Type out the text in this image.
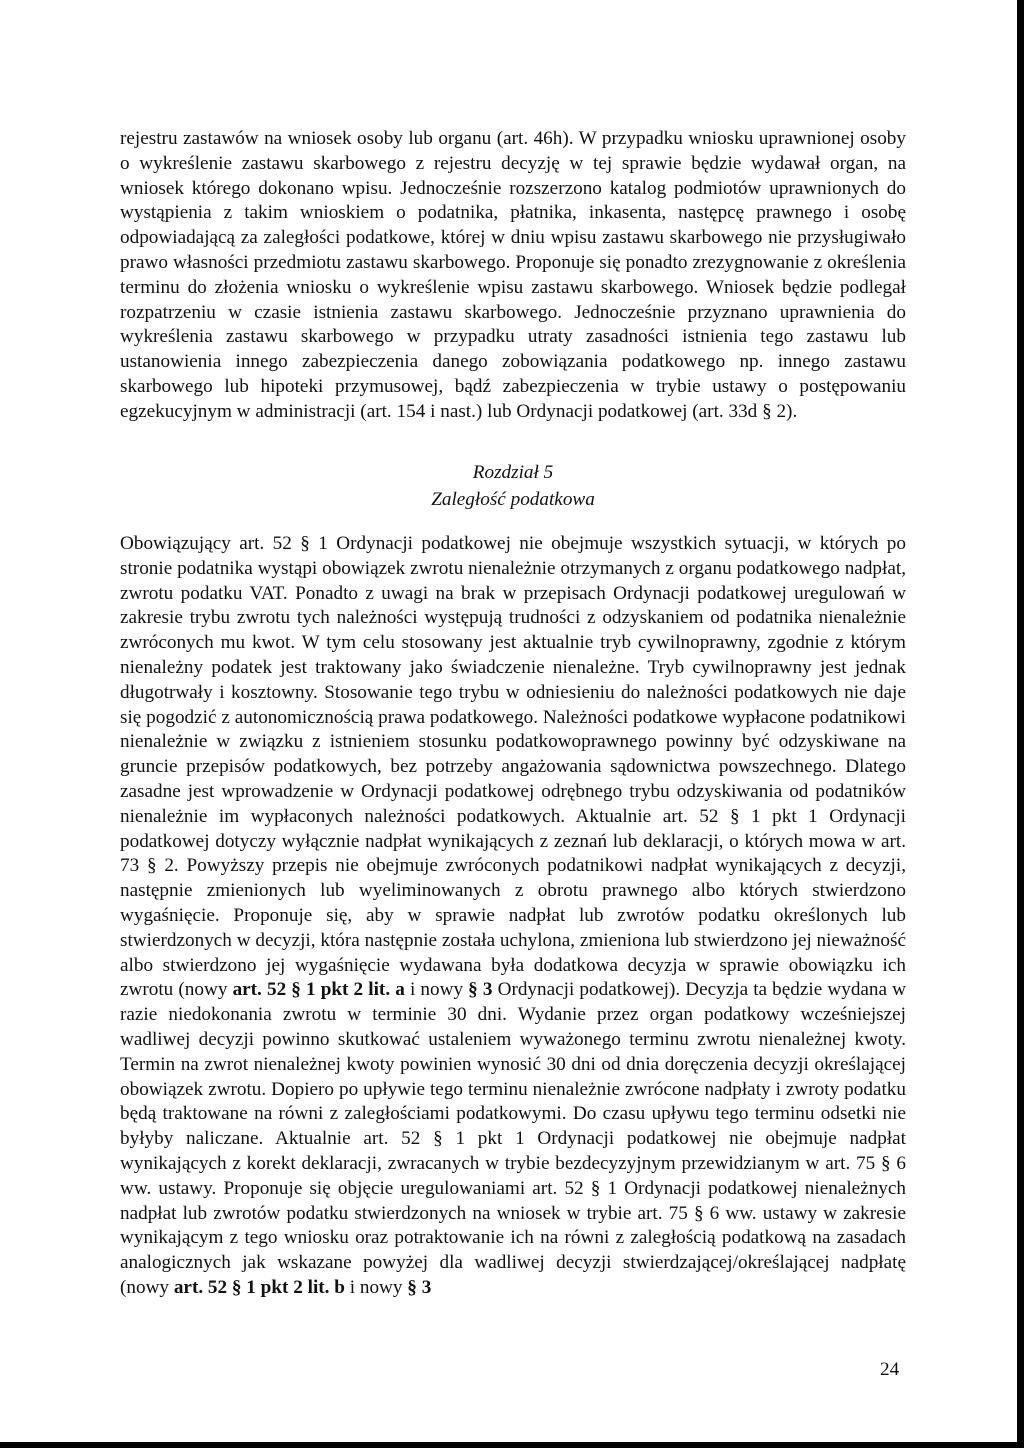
rejestru zastawów na wniosek osoby lub organu (art. 46h). W przypadku wniosku uprawnionej osoby o wykreślenie zastawu skarbowego z rejestru decyzję w tej sprawie będzie wydawał organ, na wniosek którego dokonano wpisu. Jednocześnie rozszerzono katalog podmiotów uprawnionych do wystąpienia z takim wnioskiem o podatnika, płatnika, inkasenta, następcę prawnego i osobę odpowiadającą za zaległości podatkowe, której w dniu wpisu zastawu skarbowego nie przysługiwało prawo własności przedmiotu zastawu skarbowego. Proponuje się ponadto zrezygnowanie z określenia terminu do złożenia wniosku o wykreślenie wpisu zastawu skarbowego. Wniosek będzie podlegał rozpatrzeniu w czasie istnienia zastawu skarbowego. Jednocześnie przyznano uprawnienia do wykreślenia zastawu skarbowego w przypadku utraty zasadności istnienia tego zastawu lub ustanowienia innego zabezpieczenia danego zobowiązania podatkowego np. innego zastawu skarbowego lub hipoteki przymusowej, bądź zabezpieczenia w trybie ustawy o postępowaniu egzekucyjnym w administracji (art. 154 i nast.) lub Ordynacji podatkowej (art. 33d § 2).

Rozdział 5
Zaległość podatkowa

Obowiązujący art. 52 § 1 Ordynacji podatkowej nie obejmuje wszystkich sytuacji, w których po stronie podatnika wystąpi obowiązek zwrotu nienależnie otrzymanych z organu podatkowego nadpłat, zwrotu podatku VAT. Ponadto z uwagi na brak w przepisach Ordynacji podatkowej uregulowań w zakresie trybu zwrotu tych należności występują trudności z odzyskaniem od podatnika nienależnie zwróconych mu kwot. W tym celu stosowany jest aktualnie tryb cywilnoprawny, zgodnie z którym nienależny podatek jest traktowany jako świadczenie nienależne. Tryb cywilnoprawny jest jednak długotrwały i kosztowny. Stosowanie tego trybu w odniesieniu do należności podatkowych nie daje się pogodzić z autonomicznością prawa podatkowego. Należności podatkowe wypłacone podatnikowi nienależnie w związku z istnieniem stosunku podatkowoprawnego powinny być odzyskiwane na gruncie przepisów podatkowych, bez potrzeby angażowania sądownictwa powszechnego. Dlatego zasadne jest wprowadzenie w Ordynacji podatkowej odrębnego trybu odzyskiwania od podatników nienależnie im wypłaconych należności podatkowych. Aktualnie art. 52 § 1 pkt 1 Ordynacji podatkowej dotyczy wyłącznie nadpłat wynikających z zeznań lub deklaracji, o których mowa w art. 73 § 2. Powyższy przepis nie obejmuje zwróconych podatnikowi nadpłat wynikających z decyzji, następnie zmienionych lub wyeliminowanych z obrotu prawnego albo których stwierdzono wygaśnięcie. Proponuje się, aby w sprawie nadpłat lub zwrotów podatku określonych lub stwierdzonych w decyzji, która następnie została uchylona, zmieniona lub stwierdzono jej nieważność albo stwierdzono jej wygaśnięcie wydawana była dodatkowa decyzja w sprawie obowiązku ich zwrotu (nowy art. 52 § 1 pkt 2 lit. a i nowy § 3 Ordynacji podatkowej). Decyzja ta będzie wydana w razie niedokonania zwrotu w terminie 30 dni. Wydanie przez organ podatkowy wcześniejszej wadliwej decyzji powinno skutkować ustaleniem wyważonego terminu zwrotu nienależnej kwoty. Termin na zwrot nienależnej kwoty powinien wynosić 30 dni od dnia doręczenia decyzji określającej obowiązek zwrotu. Dopiero po upływie tego terminu nienależnie zwrócone nadpłaty i zwroty podatku będą traktowane na równi z zaległościami podatkowymi. Do czasu upływu tego terminu odsetki nie byłyby naliczane. Aktualnie art. 52 § 1 pkt 1 Ordynacji podatkowej nie obejmuje nadpłat wynikających z korekt deklaracji, zwracanych w trybie bezdecyzyjnym przewidzianym w art. 75 § 6 ww. ustawy. Proponuje się objęcie uregulowaniami art. 52 § 1 Ordynacji podatkowej nienależnych nadpłat lub zwrotów podatku stwierdzonych na wniosek w trybie art. 75 § 6 ww. ustawy w zakresie wynikającym z tego wniosku oraz potraktowanie ich na równi z zaległością podatkową na zasadach analogicznych jak wskazane powyżej dla wadliwej decyzji stwierdzającej/określającej nadpłatę (nowy art. 52 § 1 pkt 2 lit. b i nowy § 3

24
